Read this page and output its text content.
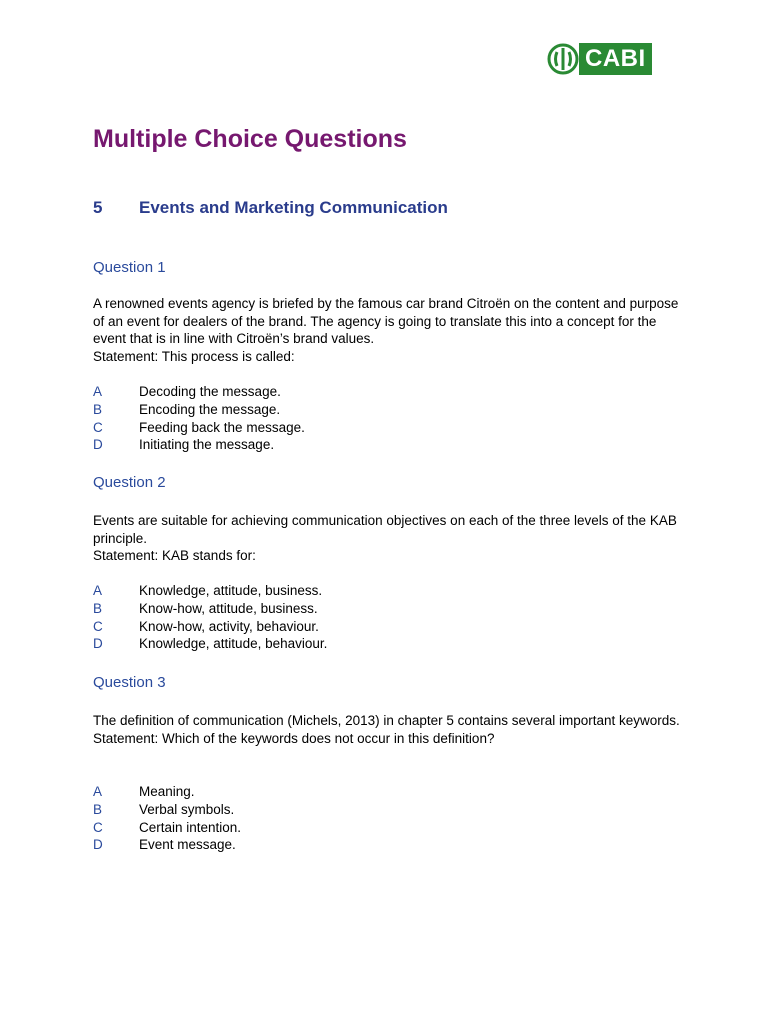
CABI
Multiple Choice Questions
5 Events and Marketing Communication
Question 1

A renowned events agency is briefed by the famous car brand Citroën on the content and purpose of an event for dealers of the brand. The agency is going to translate this into a concept for the event that is in line with Citroën’s brand values.
Statement: This process is called:

A	Decoding the message.
B	Encoding the message.
C	Feeding back the message.
D	Initiating the message.
Question 2

Events are suitable for achieving communication objectives on each of the three levels of the KAB principle.
Statement: KAB stands for:

A	Knowledge, attitude, business.
B	Know-how, attitude, business.
C	Know-how, activity, behaviour.
D	Knowledge, attitude, behaviour.
Question 3

The definition of communication (Michels, 2013) in chapter 5 contains several important keywords.
Statement: Which of the keywords does not occur in this definition?

A	Meaning.
B	Verbal symbols.
C	Certain intention.
D	Event message.
